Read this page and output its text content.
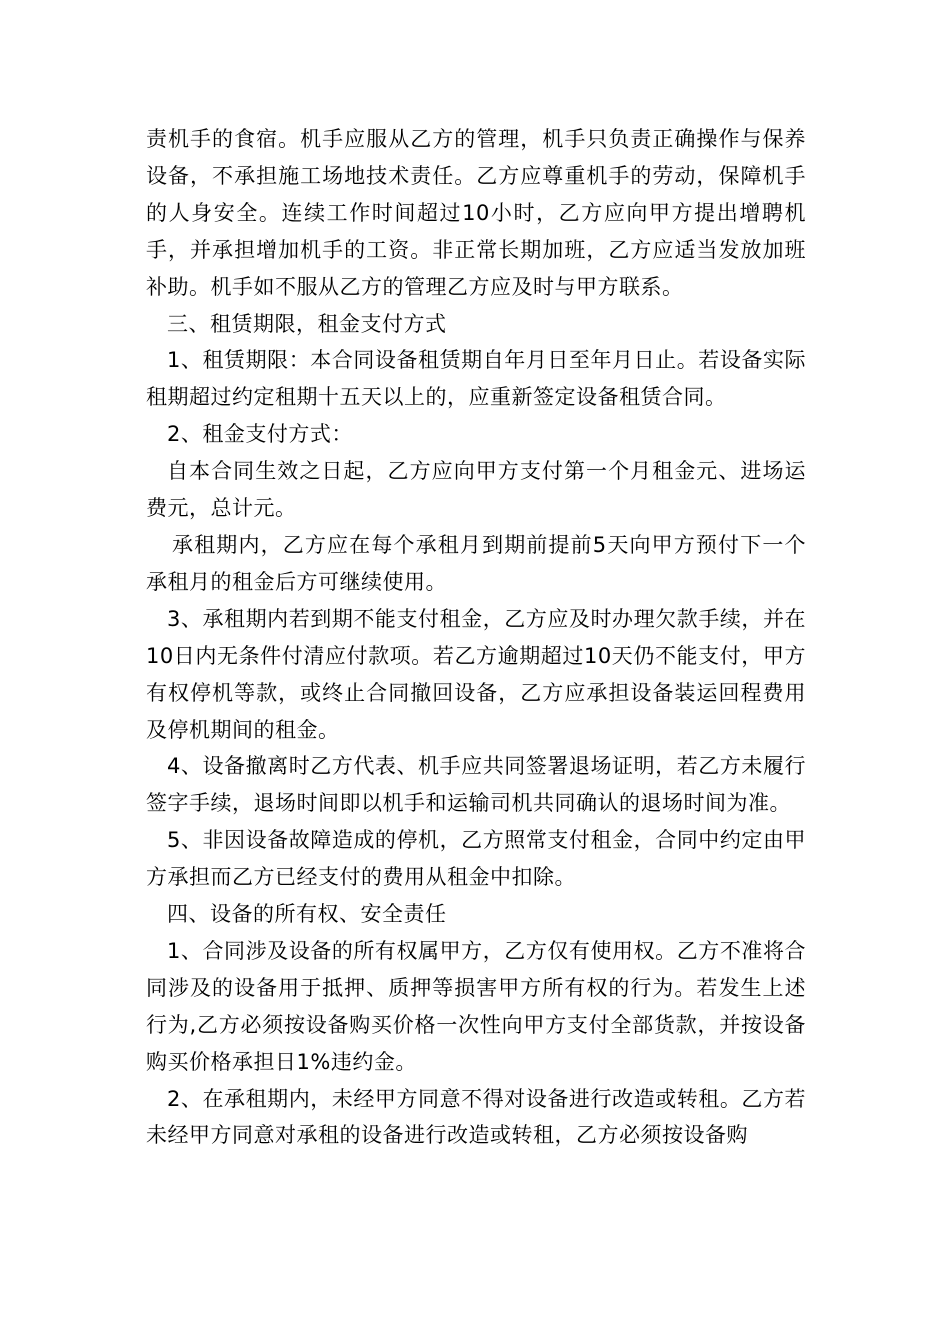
责机手的食宿。机手应服从乙方的管理，机手只负责正确操作与保养设备，不承担施工场地技术责任。乙方应尊重机手的劳动，保障机手的人身安全。连续工作时间超过10小时，乙方应向甲方提出增聘机手，并承担增加机手的工资。非正常长期加班，乙方应适当发放加班补助。机手如不服从乙方的管理乙方应及时与甲方联系。

三、租赁期限，租金支付方式

1、租赁期限：本合同设备租赁期自年月日至年月日止。若设备实际租期超过约定租期十五天以上的，应重新签定设备租赁合同。

2、租金支付方式：

自本合同生效之日起，乙方应向甲方支付第一个月租金元、进场运费元，总计元。

承租期内，乙方应在每个承租月到期前提前5天向甲方预付下一个承租月的租金后方可继续使用。

3、承租期内若到期不能支付租金，乙方应及时办理欠款手续，并在10日内无条件付清应付款项。若乙方逾期超过10天仍不能支付，甲方有权停机等款，或终止合同撤回设备，乙方应承担设备装运回程费用及停机期间的租金。

4、设备撤离时乙方代表、机手应共同签署退场证明，若乙方未履行签字手续，退场时间即以机手和运输司机共同确认的退场时间为准。

5、非因设备故障造成的停机，乙方照常支付租金，合同中约定由甲方承担而乙方已经支付的费用从租金中扣除。

四、设备的所有权、安全责任

1、合同涉及设备的所有权属甲方，乙方仅有使用权。乙方不准将合同涉及的设备用于抵押、质押等损害甲方所有权的行为。若发生上述行为,乙方必须按设备购买价格一次性向甲方支付全部货款，并按设备购买价格承担日1%违约金。

2、在承租期内，未经甲方同意不得对设备进行改造或转租。乙方若未经甲方同意对承租的设备进行改造或转租，乙方必须按设备购
